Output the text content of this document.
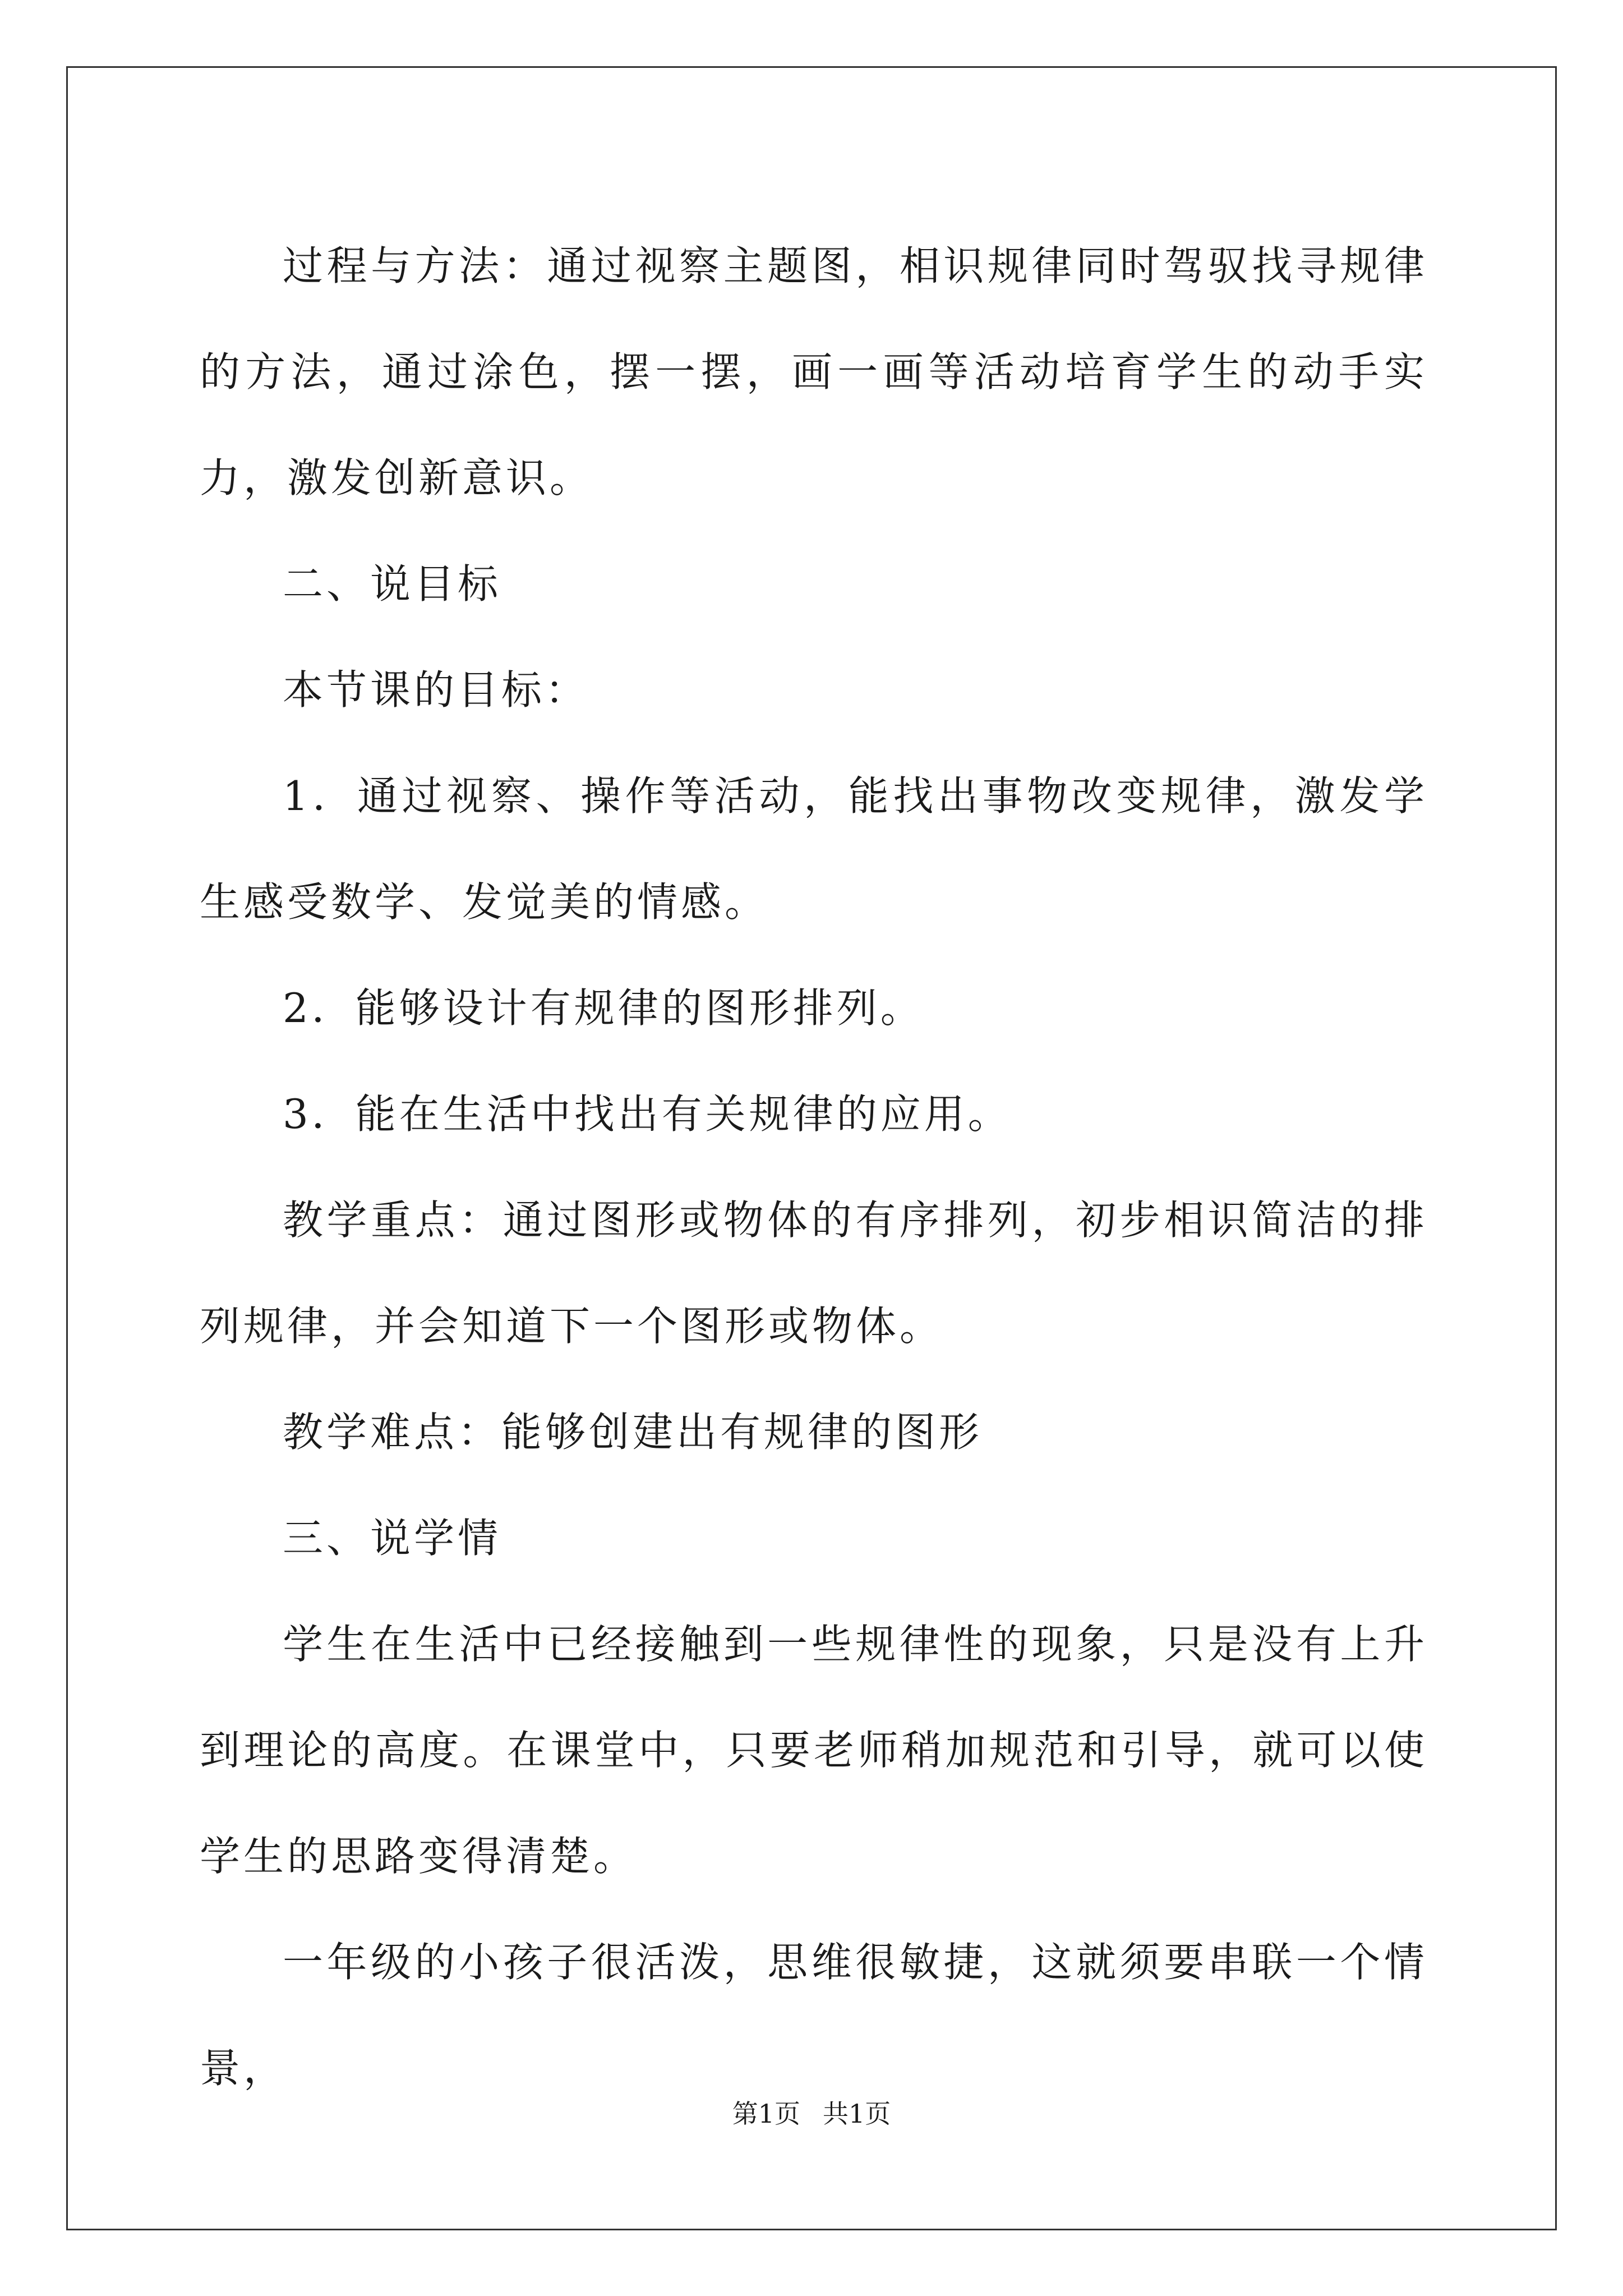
过程与方法：通过视察主题图，相识规律同时驾驭找寻规律的方法，通过涂色，摆一摆，画一画等活动培育学生的动手实力，激发创新意识。

二、说目标

本节课的目标：

1．通过视察、操作等活动，能找出事物改变规律，激发学生感受数学、发觉美的情感。

2．能够设计有规律的图形排列。

3．能在生活中找出有关规律的应用。

教学重点：通过图形或物体的有序排列，初步相识简洁的排列规律，并会知道下一个图形或物体。

教学难点：能够创建出有规律的图形

三、说学情

学生在生活中已经接触到一些规律性的现象，只是没有上升到理论的高度。在课堂中，只要老师稍加规范和引导，就可以使学生的思路变得清楚。

一年级的小孩子很活泼，思维很敏捷，这就须要串联一个情景，

第1页 共1页
